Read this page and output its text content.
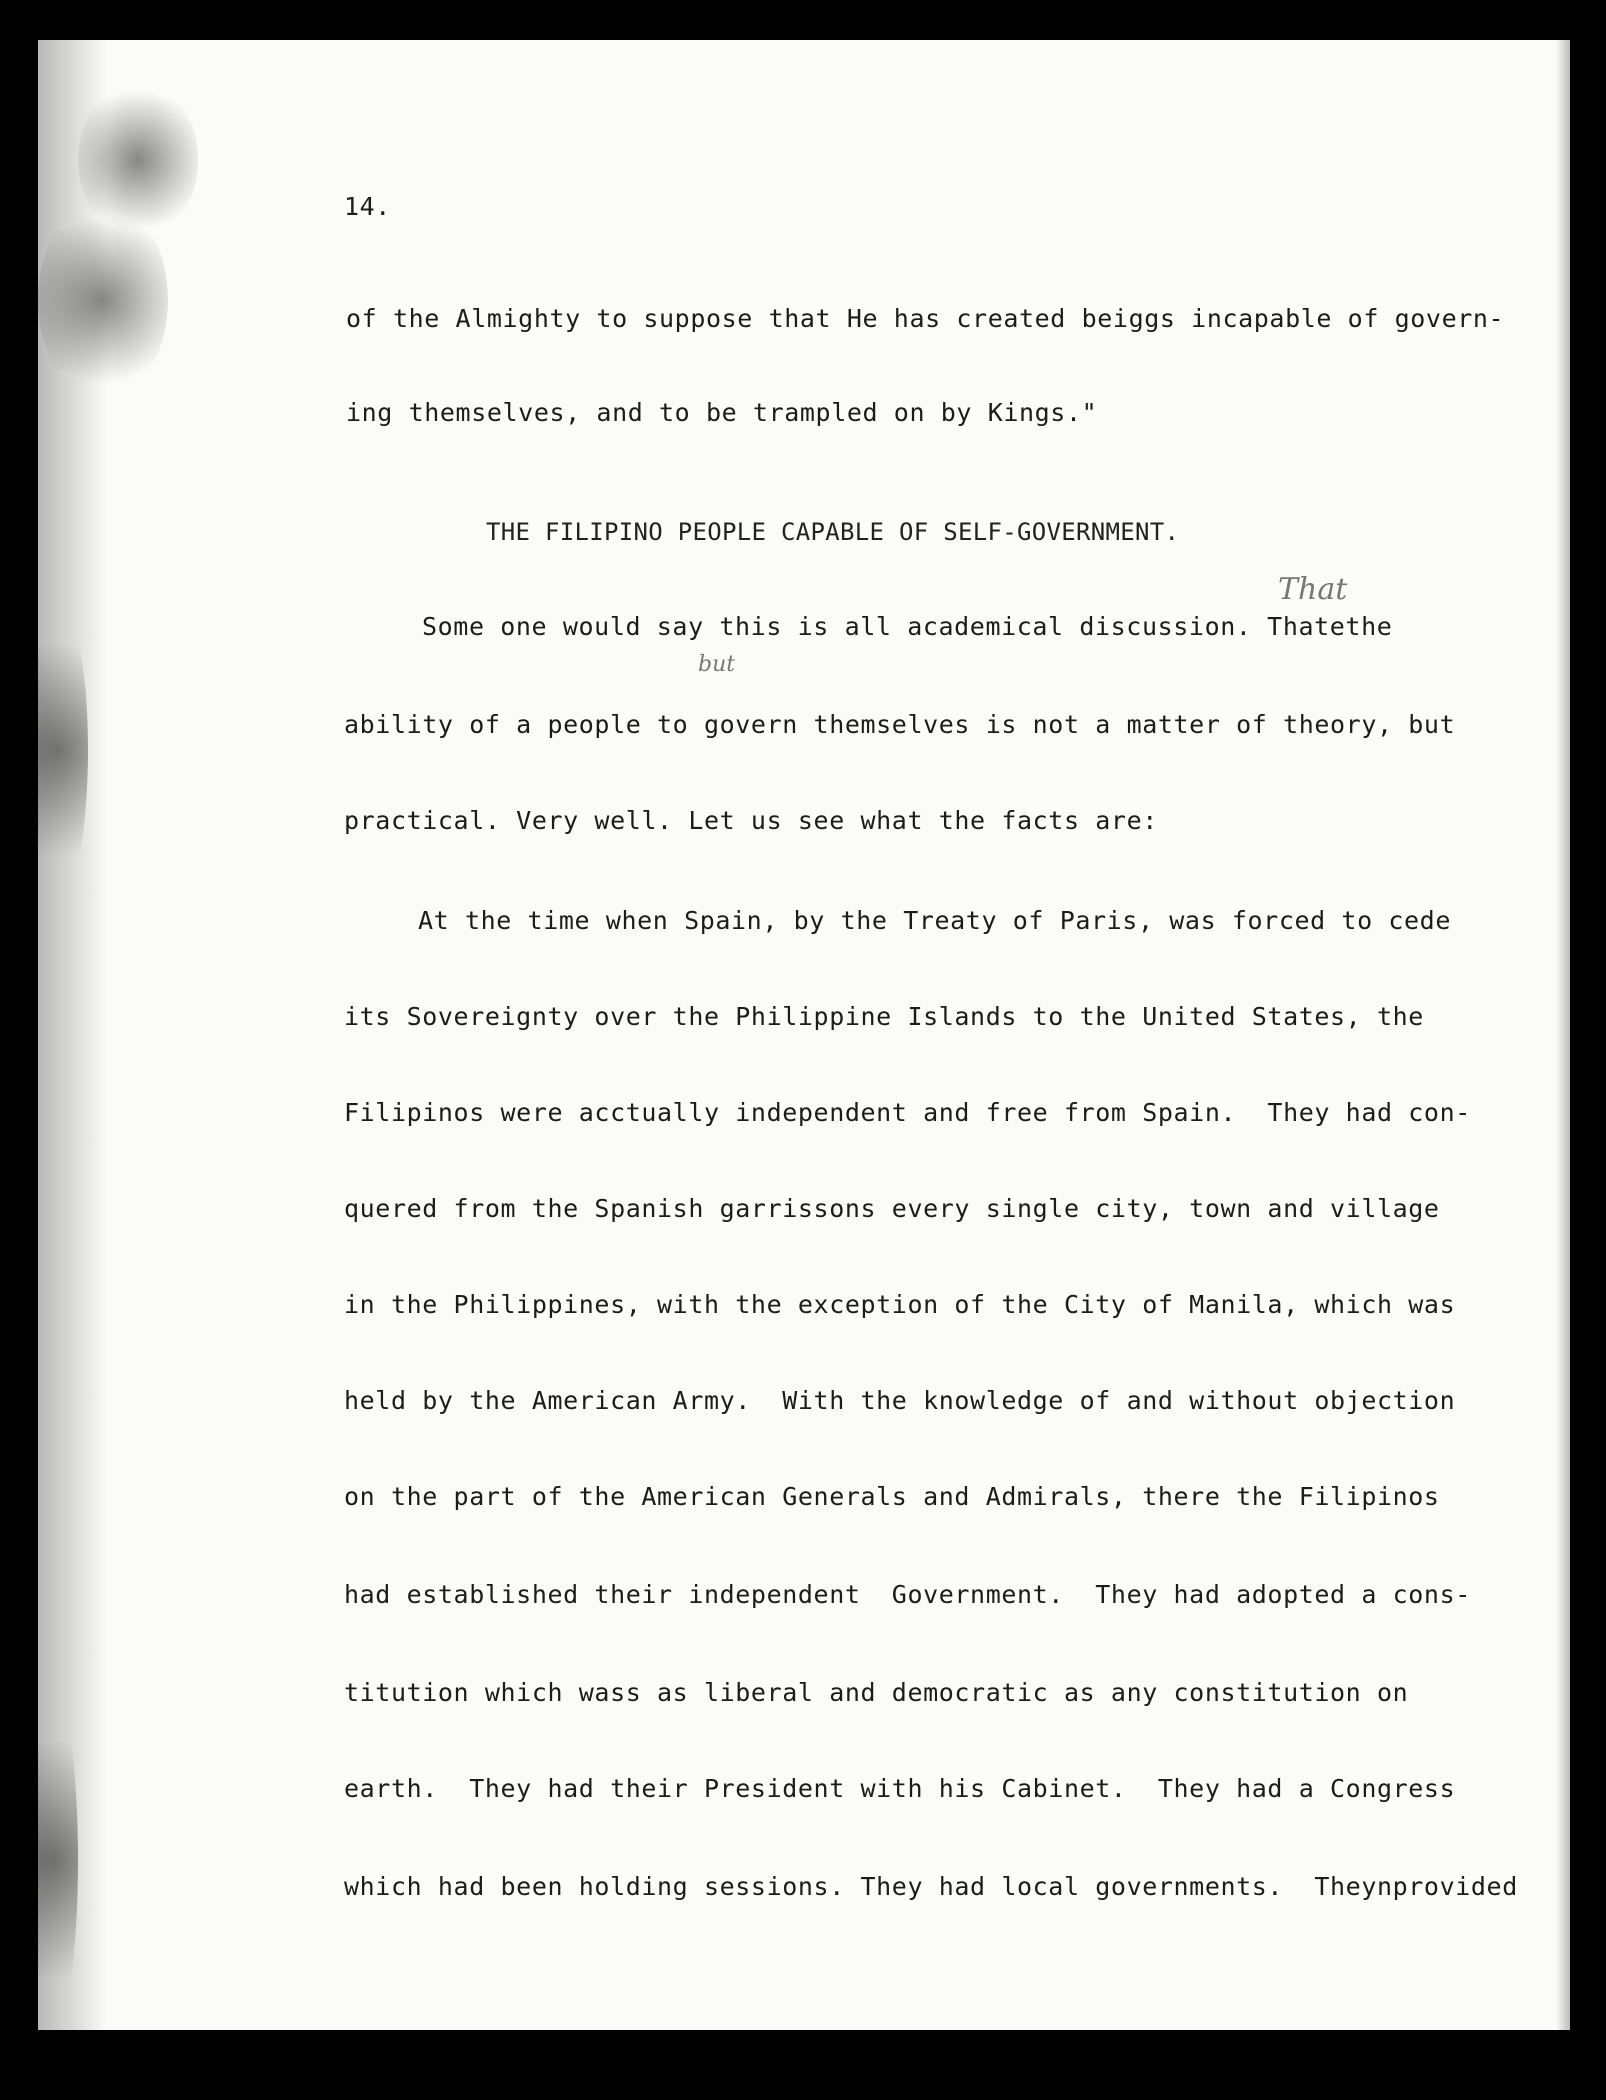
14.
of the Almighty to suppose that He has created beiggs incapable of govern-
ing themselves, and to be trampled on by Kings."
THE FILIPINO PEOPLE CAPABLE OF SELF-GOVERNMENT.
That
but
Some one would say this is all academical discussion. Thatethe
ability of a people to govern themselves is not a matter of theory, but
practical. Very well. Let us see what the facts are:
At the time when Spain, by the Treaty of Paris, was forced to cede
its Sovereignty over the Philippine Islands to the United States, the
Filipinos were acctually independent and free from Spain.  They had con-
quered from the Spanish garrissons every single city, town and village
in the Philippines, with the exception of the City of Manila, which was
held by the American Army.  With the knowledge of and without objection
on the part of the American Generals and Admirals, there the Filipinos
had established their independent  Government.  They had adopted a cons-
titution which wass as liberal and democratic as any constitution on
earth.  They had their President with his Cabinet.  They had a Congress
which had been holding sessions. They had local governments.  Theynprovided
